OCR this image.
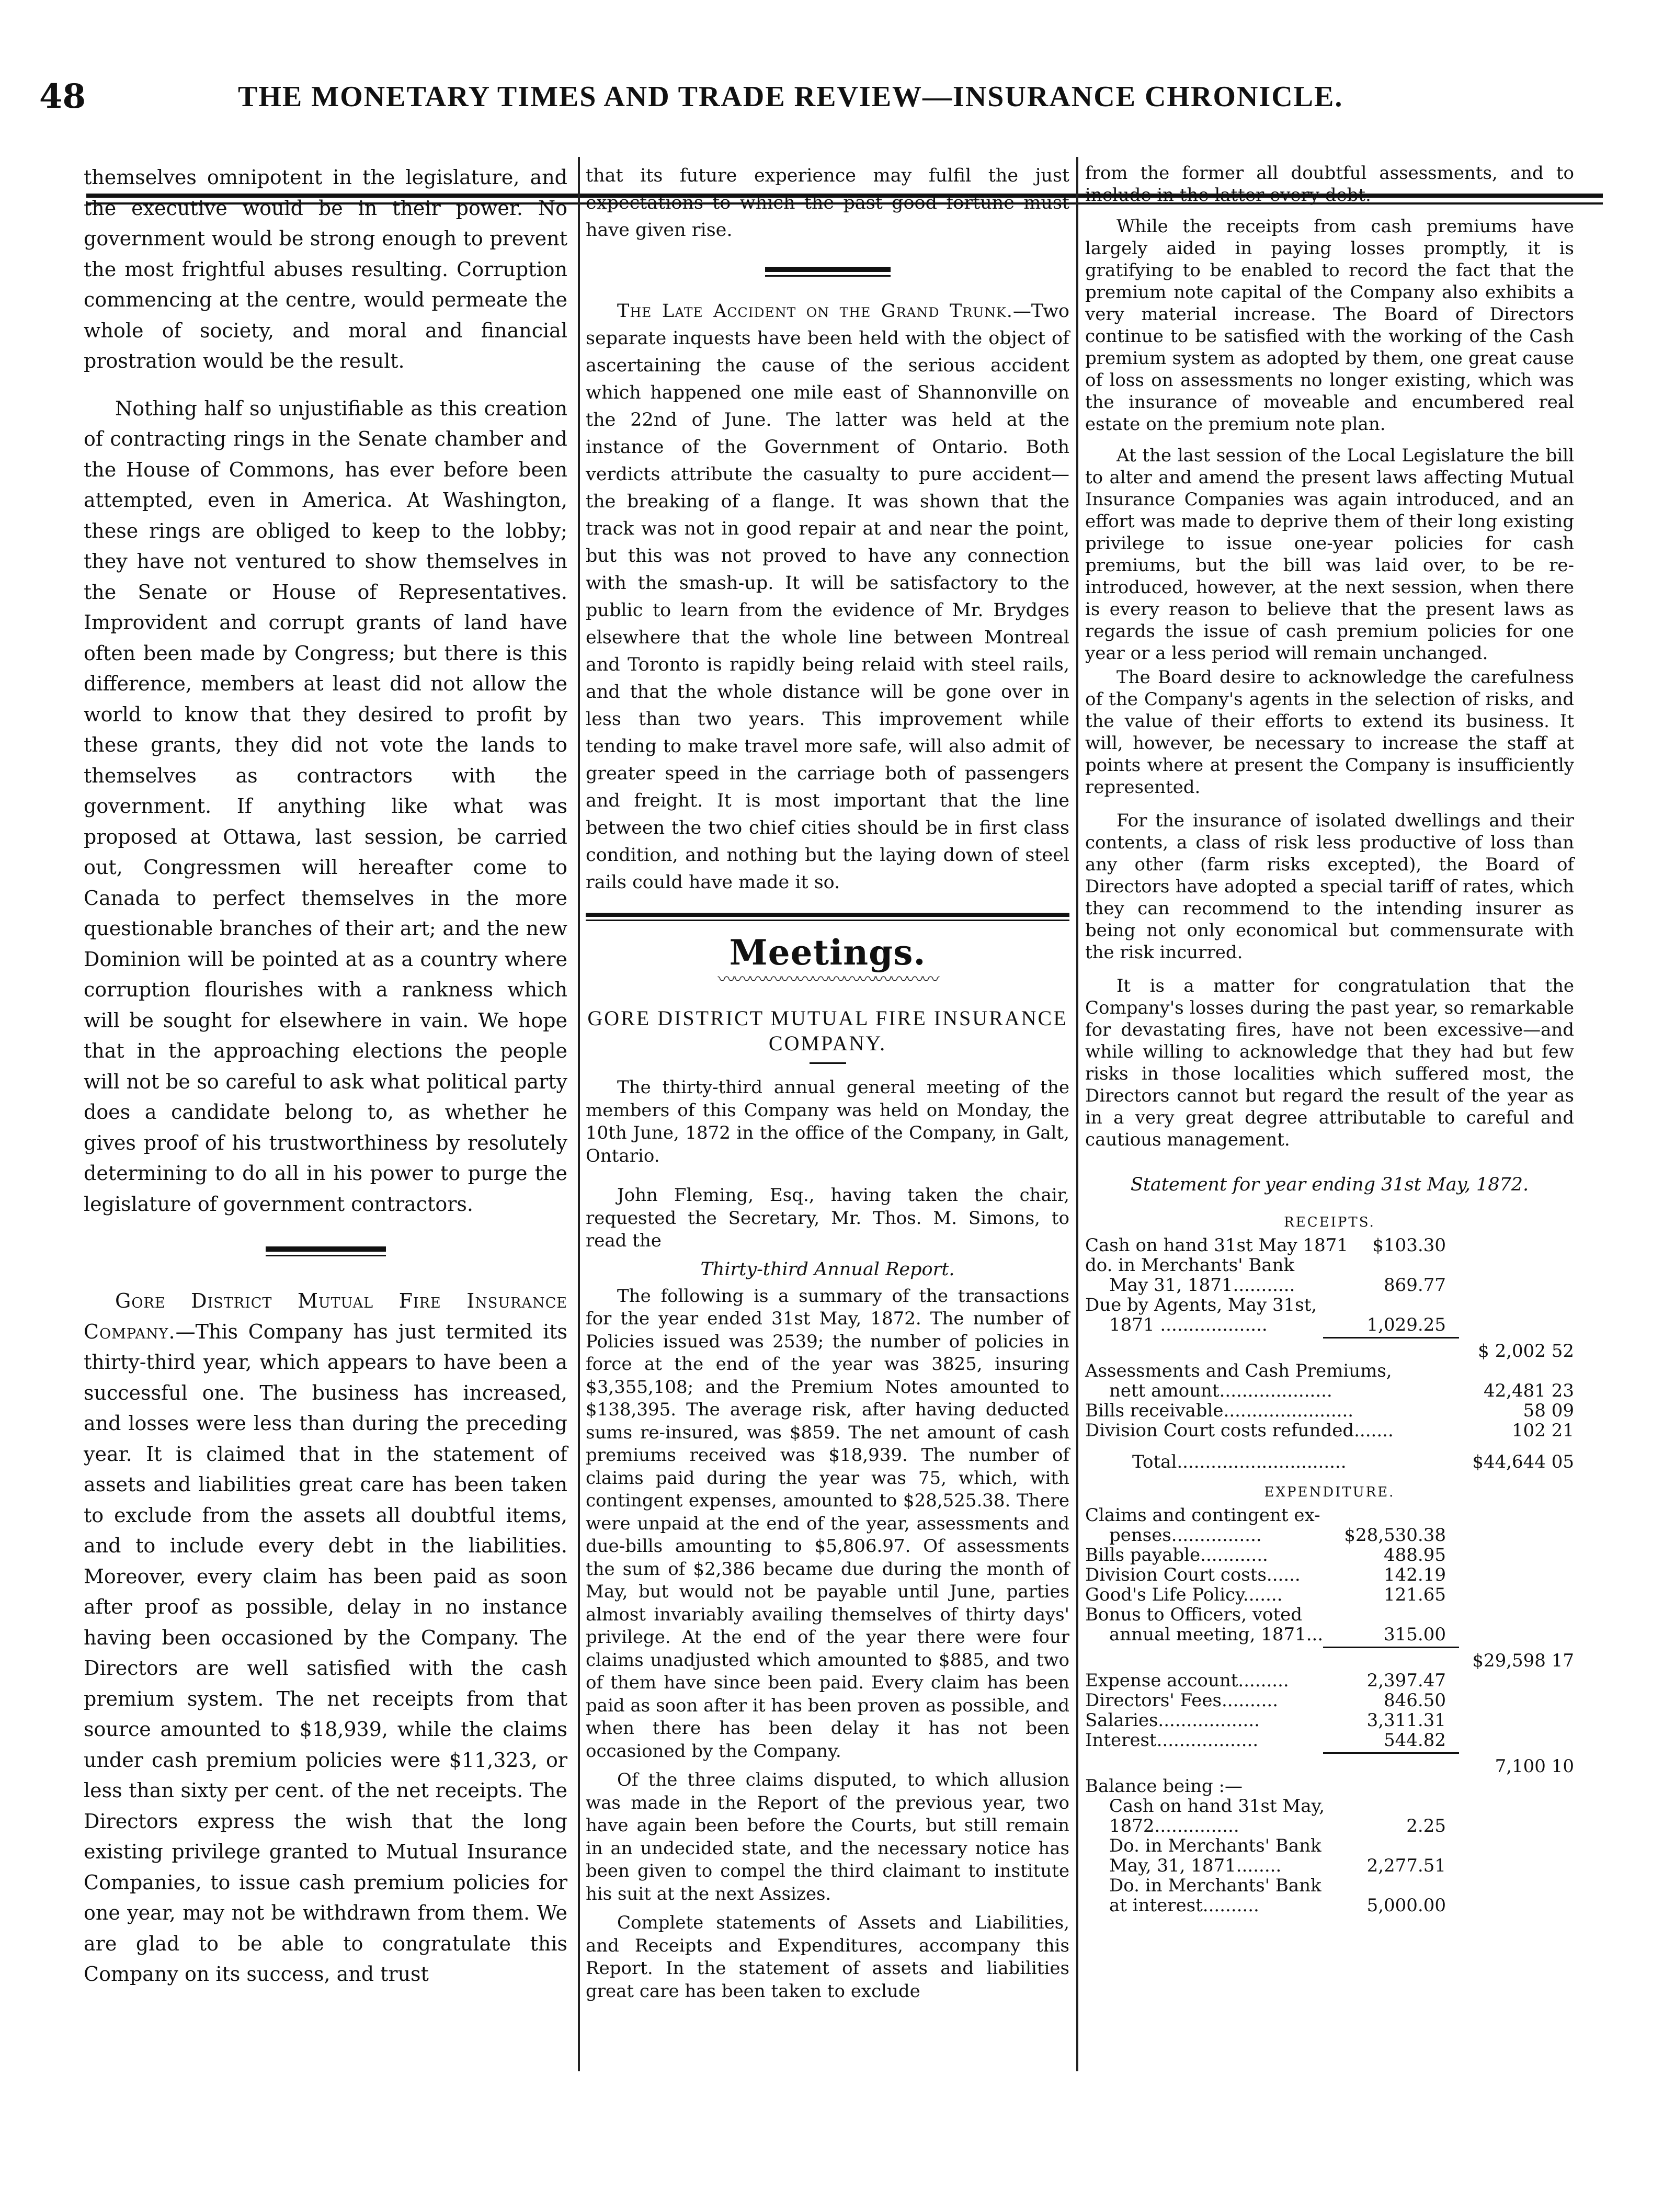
48	THE MONETARY TIMES AND TRADE REVIEW—INSURANCE CHRONICLE.

themselves omnipotent in the legislature, and the executive would be in their power. No government would be strong enough to prevent the most frightful abuses resulting. Corruption commencing at the centre, would permeate the whole of society, and moral and financial prostration would be the result.

Nothing half so unjustifiable as this creation of contracting rings in the Senate chamber and the House of Commons, has ever before been attempted, even in America. At Washington, these rings are obliged to keep to the lobby; they have not ventured to show themselves in the Senate or House of Representatives. Improvident and corrupt grants of land have often been made by Congress; but there is this difference, members at least did not allow the world to know that they desired to profit by these grants, they did not vote the lands to themselves as contractors with the government. If anything like what was proposed at Ottawa, last session, be carried out, Congressmen will hereafter come to Canada to perfect themselves in the more questionable branches of their art; and the new Dominion will be pointed at as a country where corruption flourishes with a rankness which will be sought for elsewhere in vain. We hope that in the approaching elections the people will not be so careful to ask what political party does a candidate belong to, as whether he gives proof of his trustworthiness by resolutely determining to do all in his power to purge the legislature of government contractors.

Gore District Mutual Fire Insurance Company.—This Company has just termited its thirty-third year, which appears to have been a successful one. The business has increased, and losses were less than during the preceding year. It is claimed that in the statement of assets and liabilities great care has been taken to exclude from the assets all doubtful items, and to include every debt in the liabilities. Moreover, every claim has been paid as soon after proof as possible, delay in no instance having been occasioned by the Company. The Directors are well satisfied with the cash premium system. The net receipts from that source amounted to $18,939, while the claims under cash premium policies were $11,323, or less than sixty per cent. of the net receipts. The Directors express the wish that the long existing privilege granted to Mutual Insurance Companies, to issue cash premium policies for one year, may not be withdrawn from them. We are glad to be able to congratulate this Company on its success, and trust

that its future experience may fulfil the just expectations to which the past good fortune must have given rise.

The Late Accident on the Grand Trunk.—Two separate inquests have been held with the object of ascertaining the cause of the serious accident which happened one mile east of Shannonville on the 22nd of June. The latter was held at the instance of the Government of Ontario. Both verdicts attribute the casualty to pure accident—the breaking of a flange. It was shown that the track was not in good repair at and near the point, but this was not proved to have any connection with the smash-up. It will be satisfactory to the public to learn from the evidence of Mr. Brydges elsewhere that the whole line between Montreal and Toronto is rapidly being relaid with steel rails, and that the whole distance will be gone over in less than two years. This improvement while tending to make travel more safe, will also admit of greater speed in the carriage both of passengers and freight. It is most important that the line between the two chief cities should be in first class condition, and nothing but the laying down of steel rails could have made it so.

Meetings.
〰〰〰〰〰〰〰〰〰〰〰〰〰〰
GORE DISTRICT MUTUAL FIRE INSURANCE COMPANY.

The thirty-third annual general meeting of the members of this Company was held on Monday, the 10th June, 1872 in the office of the Company, in Galt, Ontario.

John Fleming, Esq., having taken the chair, requested the Secretary, Mr. Thos. M. Simons, to read the

Thirty-third Annual Report.

The following is a summary of the transactions for the year ended 31st May, 1872. The number of Policies issued was 2539; the number of policies in force at the end of the year was 3825, insuring $3,355,108; and the Premium Notes amounted to $138,395. The average risk, after having deducted sums re-insured, was $859. The net amount of cash premiums received was $18,939. The number of claims paid during the year was 75, which, with contingent expenses, amounted to $28,525.38. There were unpaid at the end of the year, assessments and due-bills amounting to $5,806.97. Of assessments the sum of $2,386 became due during the month of May, but would not be payable until June, parties almost invariably availing themselves of thirty days' privilege. At the end of the year there were four claims unadjusted which amounted to $885, and two of them have since been paid. Every claim has been paid as soon after it has been proven as possible, and when there has been delay it has not been occasioned by the Company.

Of the three claims disputed, to which allusion was made in the Report of the previous year, two have again been before the Courts, but still remain in an undecided state, and the necessary notice has been given to compel the third claimant to institute his suit at the next Assizes.

Complete statements of Assets and Liabilities, and Receipts and Expenditures, accompany this Report. In the statement of assets and liabilities great care has been taken to exclude

from the former all doubtful assessments, and to include in the latter every debt.

While the receipts from cash premiums have largely aided in paying losses promptly, it is gratifying to be enabled to record the fact that the premium note capital of the Company also exhibits a very material increase. The Board of Directors continue to be satisfied with the working of the Cash premium system as adopted by them, one great cause of loss on assessments no longer existing, which was the insurance of moveable and encumbered real estate on the premium note plan.

At the last session of the Local Legislature the bill to alter and amend the present laws affecting Mutual Insurance Companies was again introduced, and an effort was made to deprive them of their long existing privilege to issue one-year policies for cash premiums, but the bill was laid over, to be re-introduced, however, at the next session, when there is every reason to believe that the present laws as regards the issue of cash premium policies for one year or a less period will remain unchanged.

The Board desire to acknowledge the carefulness of the Company's agents in the selection of risks, and the value of their efforts to extend its business. It will, however, be necessary to increase the staff at points where at present the Company is insufficiently represented.

For the insurance of isolated dwellings and their contents, a class of risk less productive of loss than any other (farm risks excepted), the Board of Directors have adopted a special tariff of rates, which they can recommend to the intending insurer as being not only economical but commensurate with the risk incurred.

It is a matter for congratulation that the Company's losses during the past year, so remarkable for devastating fires, have not been excessive—and while willing to acknowledge that they had but few risks in those localities which suffered most, the Directors cannot but regard the result of the year as in a very great degree attributable to careful and cautious management.

Statement for year ending 31st May, 1872.
RECEIPTS.
Cash on hand 31st May 1871 $103.30
do. in Merchants' Bank
May 31, 1871...........	869.77
Due by Agents, May 31st,
1871 ...................	1,029.25
$ 2,002 52
Assessments and Cash Premiums,
nett amount....................	42,481 23
Bills receivable.......................	58 09
Division Court costs refunded.......	102 21
Total..............................	$44,644 05
EXPENDITURE.
Claims and contingent ex-
penses................	$28,530.38
Bills payable............	488.95
Division Court costs......	142.19
Good's Life Policy.......	121.65
Bonus to Officers, voted
annual meeting, 1871...	315.00
$29,598 17
Expense account.........	2,397.47
Directors' Fees..........	846.50
Salaries..................	3,311.31
Interest..................	544.82
7,100 10
Balance being :—
Cash on hand 31st May,
1872...............	2.25
Do. in Merchants' Bank
May, 31, 1871........	2,277.51
Do. in Merchants' Bank
at interest..........	5,000.00
